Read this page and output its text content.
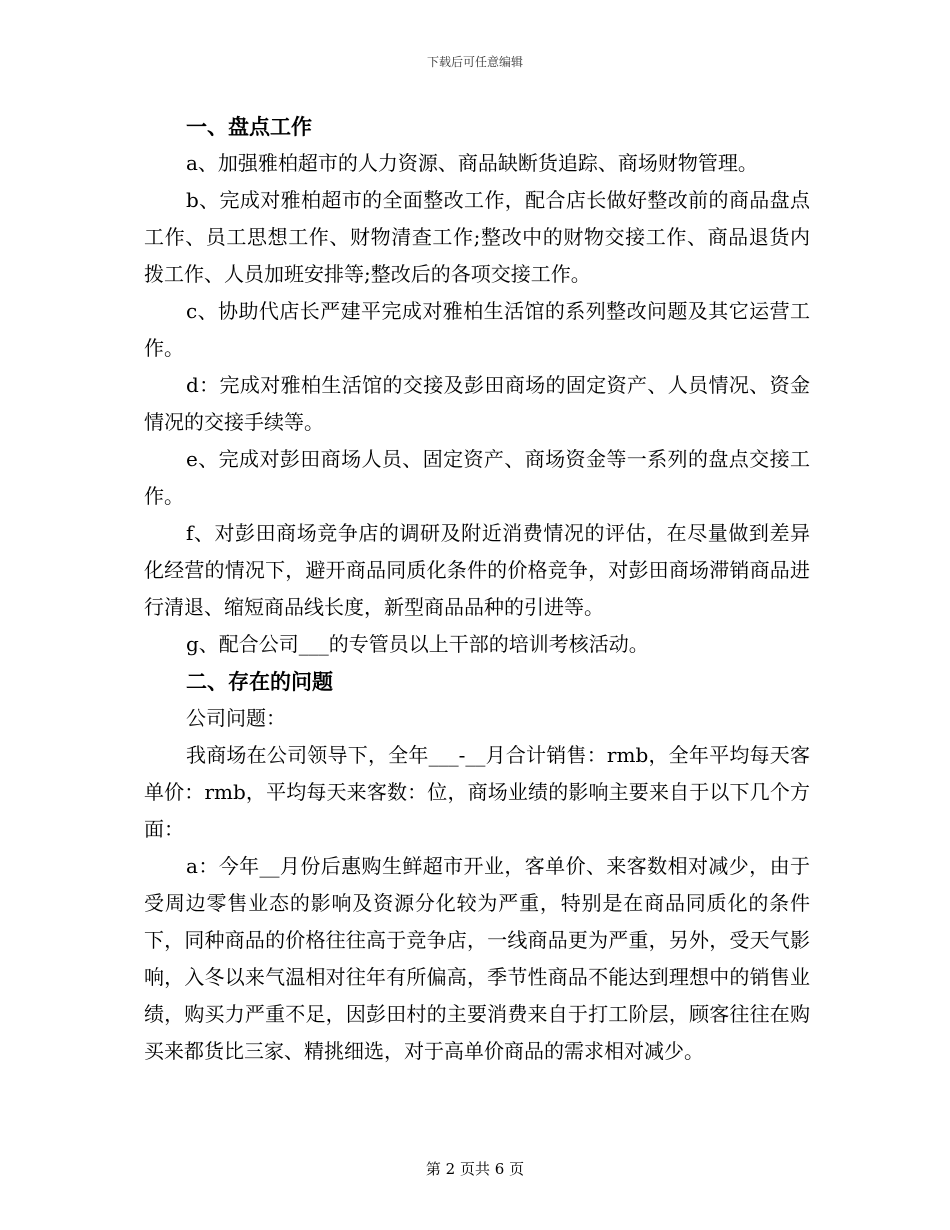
下载后可任意编辑
一、盘点工作
a、加强雅柏超市的人力资源、商品缺断货追踪、商场财物管理。
b、完成对雅柏超市的全面整改工作，配合店长做好整改前的商品盘点工作、员工思想工作、财物清查工作;整改中的财物交接工作、商品退货内拨工作、人员加班安排等;整改后的各项交接工作。
c、协助代店长严建平完成对雅柏生活馆的系列整改问题及其它运营工作。
d：完成对雅柏生活馆的交接及彭田商场的固定资产、人员情况、资金情况的交接手续等。
e、完成对彭田商场人员、固定资产、商场资金等一系列的盘点交接工作。
f、对彭田商场竞争店的调研及附近消费情况的评估，在尽量做到差异化经营的情况下，避开商品同质化条件的价格竞争，对彭田商场滞销商品进行清退、缩短商品线长度，新型商品品种的引进等。
g、配合公司___的专管员以上干部的培训考核活动。
二、存在的问题
公司问题：
我商场在公司领导下，全年___-__月合计销售：rmb，全年平均每天客单价：rmb，平均每天来客数：位，商场业绩的影响主要来自于以下几个方面：
a：今年__月份后惠购生鲜超市开业，客单价、来客数相对减少，由于受周边零售业态的影响及资源分化较为严重，特别是在商品同质化的条件下，同种商品的价格往往高于竞争店，一线商品更为严重，另外，受天气影响，入冬以来气温相对往年有所偏高，季节性商品不能达到理想中的销售业绩，购买力严重不足，因彭田村的主要消费来自于打工阶层，顾客往往在购买来都货比三家、精挑细选，对于高单价商品的需求相对减少。
第 2 页共 6 页
